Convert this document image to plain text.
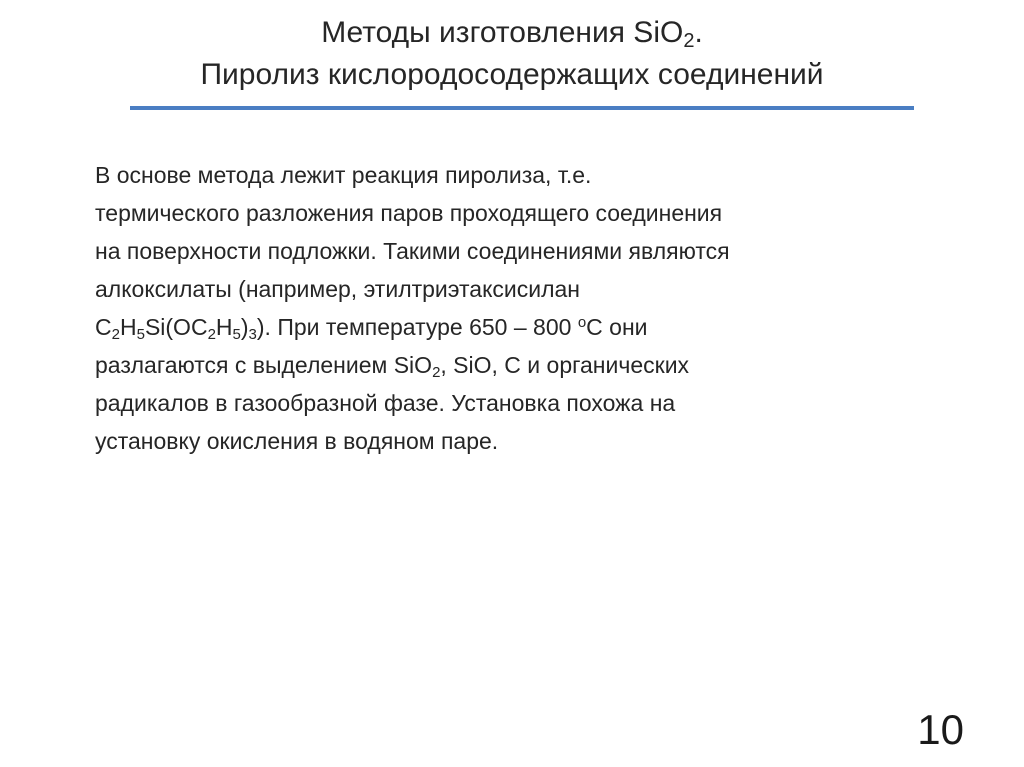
Методы изготовления SiO$_2$.
Пиролиз кислородосодержащих соединений
В основе метода лежит реакция пиролиза, т.е.
термического разложения паров проходящего соединения
на поверхности подложки. Такими соединениями являются
алкоксилаты (например, этилтриэтаксисилан
$C_2H_5Si(OC_2H_5)_3$). При температуре 650 – 800 $^o$С они
разлагаются с выделением SiO$_2$, SiO, C и органических
радикалов в газообразной фазе. Установка похожа на
установку окисления в водяном паре.
10
